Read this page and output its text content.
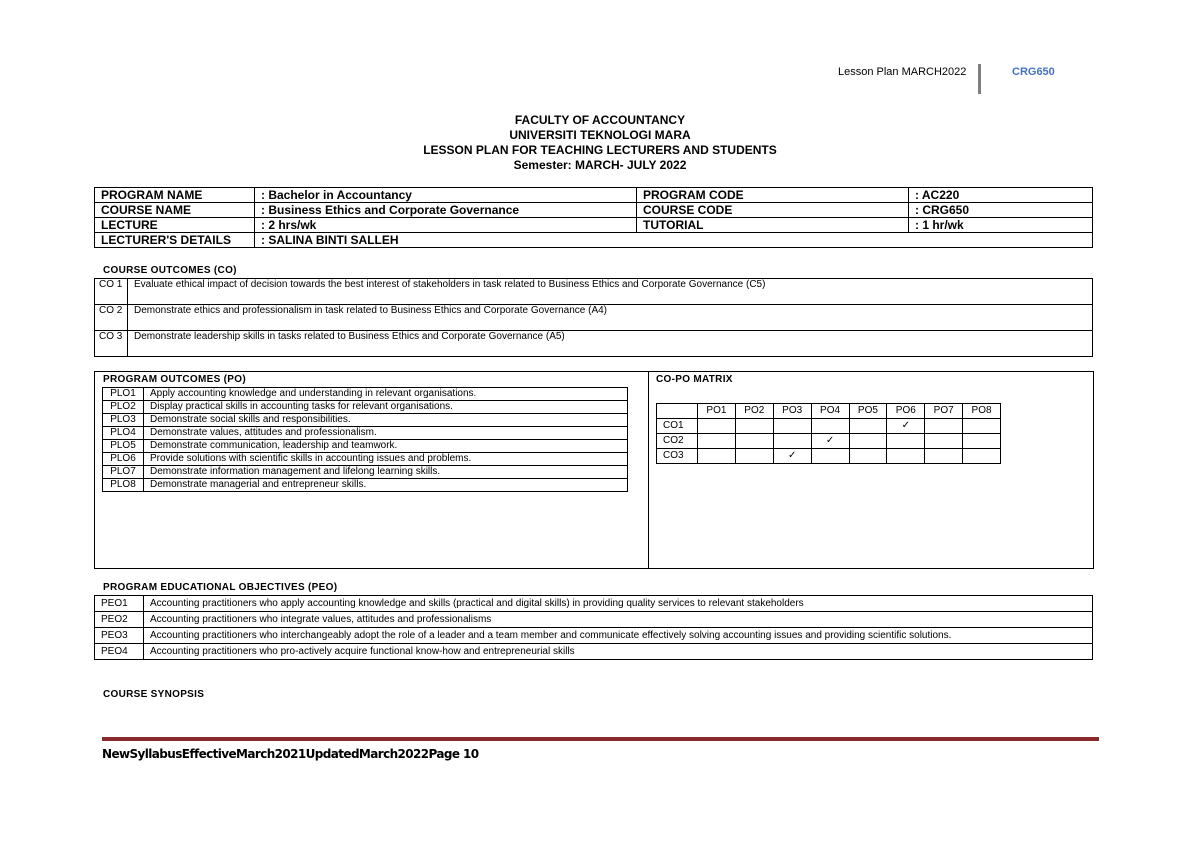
Lesson Plan MARCH2022	CRG650
FACULTY OF ACCOUNTANCY
UNIVERSITI TEKNOLOGI MARA
LESSON PLAN FOR TEACHING LECTURERS AND STUDENTS
Semester: MARCH- JULY 2022
PROGRAM NAME	: Bachelor in Accountancy	PROGRAM CODE	: AC220
COURSE NAME	: Business Ethics and Corporate Governance	COURSE CODE	: CRG650
LECTURE	: 2 hrs/wk	TUTORIAL	: 1 hr/wk
LECTURER'S DETAILS	: SALINA BINTI SALLEH		
COURSE OUTCOMES (CO)
CO 1	Evaluate ethical impact of decision towards the best interest of stakeholders in task related to Business Ethics and Corporate Governance (C5)
CO 2	Demonstrate ethics and professionalism in task related to Business Ethics and Corporate Governance (A4)
CO 3	Demonstrate leadership skills in tasks related to Business Ethics and Corporate Governance (A5)
PROGRAM OUTCOMES (PO)	CO-PO MATRIX
PLO1	Apply accounting knowledge and understanding in relevant organisations.
PLO2	Display practical skills in accounting tasks for relevant organisations.
PLO3	Demonstrate social skills and responsibilities.
PLO4	Demonstrate values, attitudes and professionalism.
PLO5	Demonstrate communication, leadership and teamwork.
PLO6	Provide solutions with scientific skills in accounting issues and problems.
PLO7	Demonstrate information management and lifelong learning skills.
PLO8	Demonstrate managerial and entrepreneur skills.
	PO1	PO2	PO3	PO4	PO5	PO6	PO7	PO8
CO1						✓		
CO2				✓				
CO3			✓					
PROGRAM EDUCATIONAL OBJECTIVES (PEO)
PEO1	Accounting practitioners who apply accounting knowledge and skills (practical and digital skills) in providing quality services to relevant stakeholders
PEO2	Accounting practitioners who integrate values, attitudes and professionalisms
PEO3	Accounting practitioners who interchangeably adopt the role of a leader and a team member and communicate effectively solving accounting issues and providing scientific solutions.
PEO4	Accounting practitioners who pro-actively acquire functional know-how and entrepreneurial skills
COURSE SYNOPSIS
NewSyllabusEffectiveMarch2021UpdatedMarch2022Page 10
